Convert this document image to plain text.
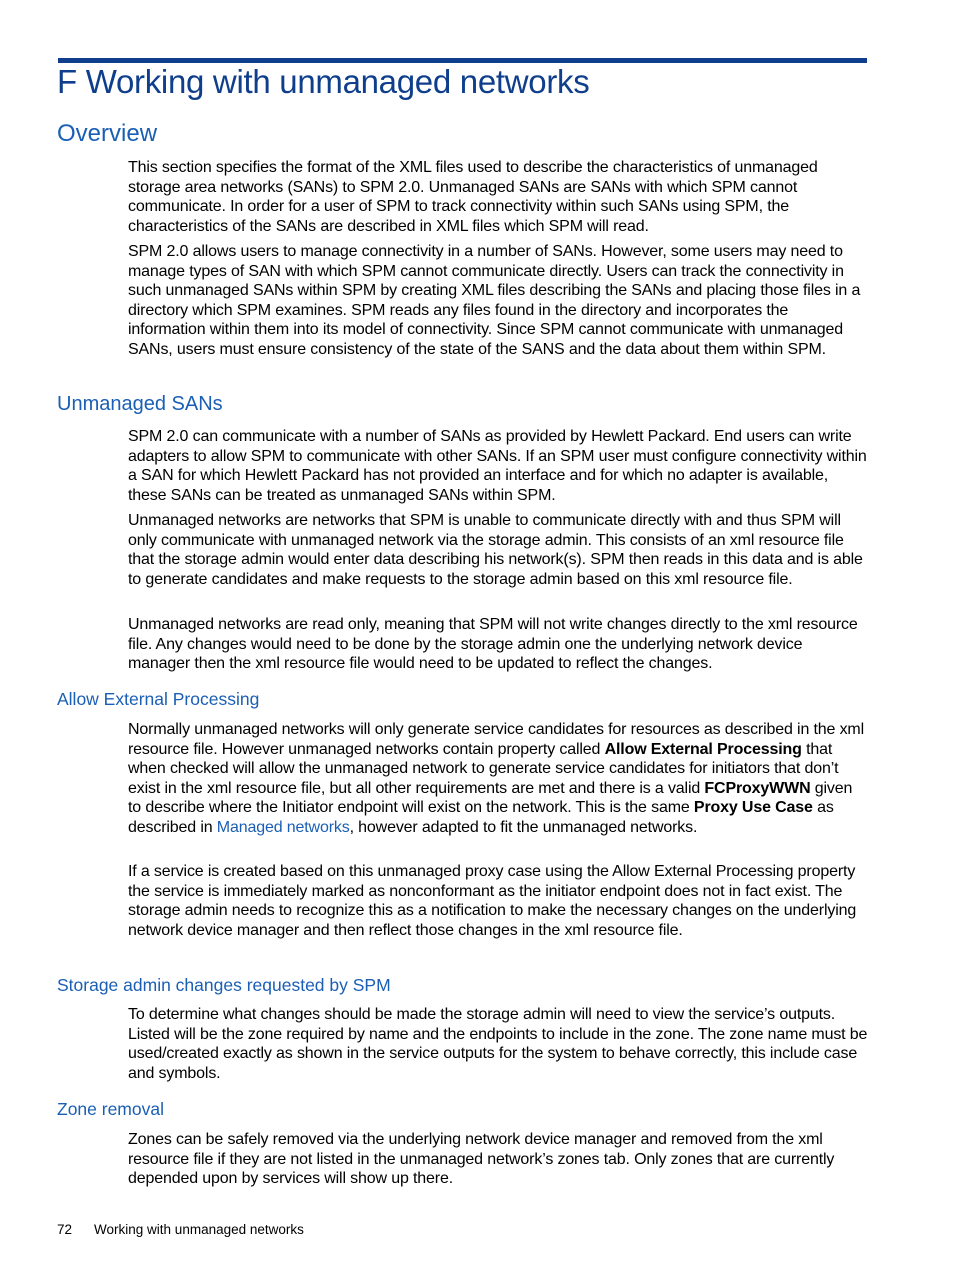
F Working with unmanaged networks
Overview

This section specifies the format of the XML files used to describe the characteristics of unmanaged storage area networks (SANs) to SPM 2.0. Unmanaged SANs are SANs with which SPM cannot communicate. In order for a user of SPM to track connectivity within such SANs using SPM, the characteristics of the SANs are described in XML files which SPM will read.

SPM 2.0 allows users to manage connectivity in a number of SANs. However, some users may need to manage types of SAN with which SPM cannot communicate directly. Users can track the connectivity in such unmanaged SANs within SPM by creating XML files describing the SANs and placing those files in a directory which SPM examines. SPM reads any files found in the directory and incorporates the information within them into its model of connectivity. Since SPM cannot communicate with unmanaged SANs, users must ensure consistency of the state of the SANS and the data about them within SPM.

Unmanaged SANs

SPM 2.0 can communicate with a number of SANs as provided by Hewlett Packard. End users can write adapters to allow SPM to communicate with other SANs. If an SPM user must configure connectivity within a SAN for which Hewlett Packard has not provided an interface and for which no adapter is available, these SANs can be treated as unmanaged SANs within SPM.

Unmanaged networks are networks that SPM is unable to communicate directly with and thus SPM will only communicate with unmanaged network via the storage admin. This consists of an xml resource file that the storage admin would enter data describing his network(s). SPM then reads in this data and is able to generate candidates and make requests to the storage admin based on this xml resource file.

Unmanaged networks are read only, meaning that SPM will not write changes directly to the xml resource file. Any changes would need to be done by the storage admin one the underlying network device manager then the xml resource file would need to be updated to reflect the changes.

Allow External Processing

Normally unmanaged networks will only generate service candidates for resources as described in the xml resource file. However unmanaged networks contain property called Allow External Processing that when checked will allow the unmanaged network to generate service candidates for initiators that don’t exist in the xml resource file, but all other requirements are met and there is a valid FCProxyWWN given to describe where the Initiator endpoint will exist on the network. This is the same Proxy Use Case as described in Managed networks, however adapted to fit the unmanaged networks.

If a service is created based on this unmanaged proxy case using the Allow External Processing property the service is immediately marked as nonconformant as the initiator endpoint does not in fact exist. The storage admin needs to recognize this as a notification to make the necessary changes on the underlying network device manager and then reflect those changes in the xml resource file.

Storage admin changes requested by SPM

To determine what changes should be made the storage admin will need to view the service’s outputs. Listed will be the zone required by name and the endpoints to include in the zone. The zone name must be used/created exactly as shown in the service outputs for the system to behave correctly, this include case and symbols.

Zone removal

Zones can be safely removed via the underlying network device manager and removed from the xml resource file if they are not listed in the unmanaged network’s zones tab. Only zones that are currently depended upon by services will show up there.

72 Working with unmanaged networks
